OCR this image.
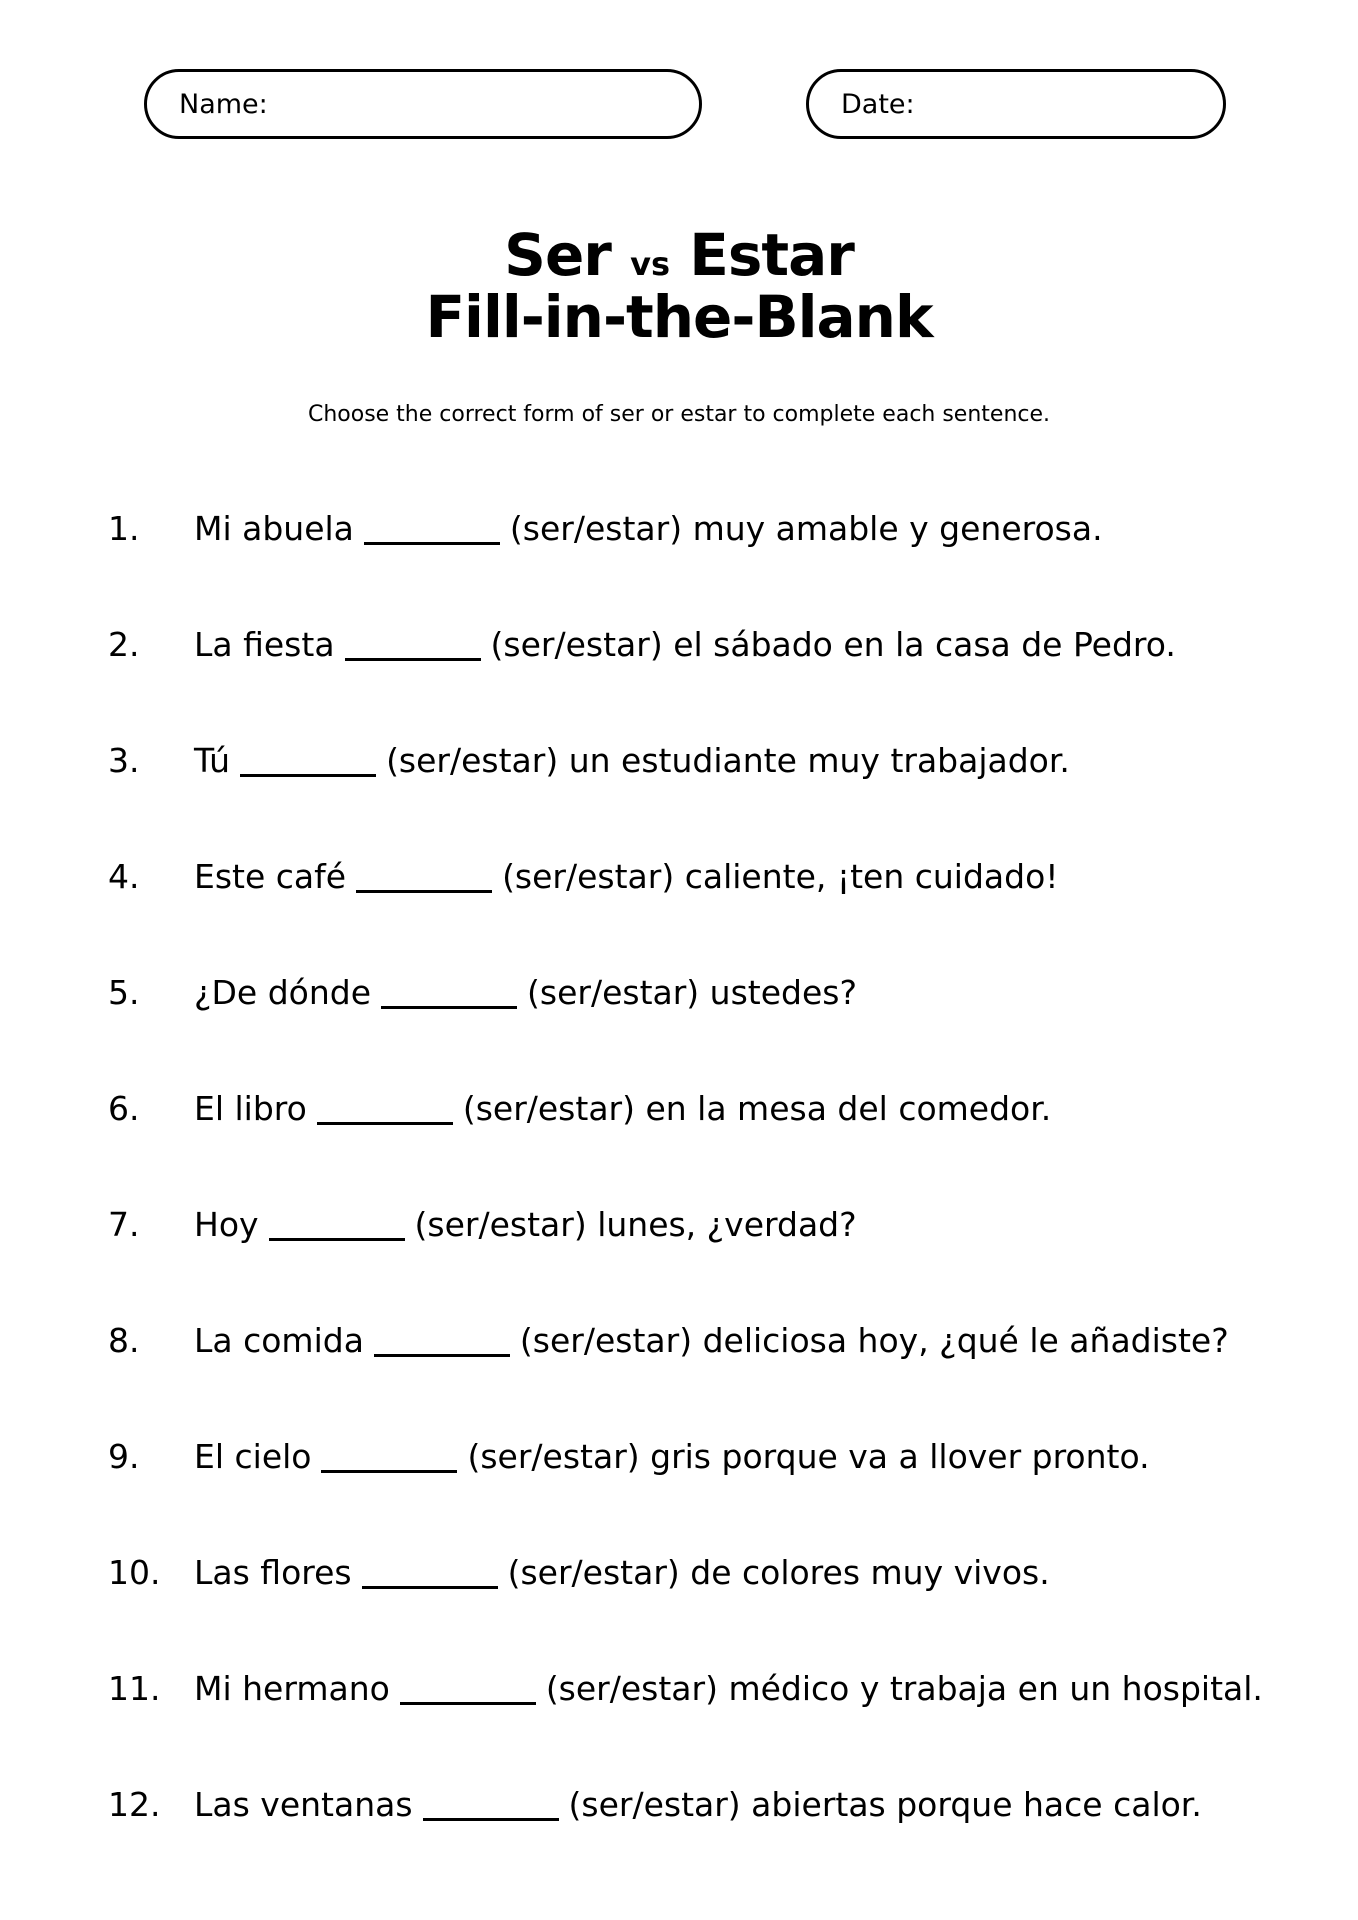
Name:	Date:
Ser vs Estar
Fill-in-the-Blank
Choose the correct form of ser or estar to complete each sentence.
1.	Mi abuela	(ser/estar) muy amable y generosa.
2.	La fiesta	(ser/estar) el sábado en la casa de Pedro.
3.	Tú	(ser/estar) un estudiante muy trabajador.
4.	Este café	(ser/estar) caliente, ¡ten cuidado!
5.	¿De dónde	(ser/estar) ustedes?
6.	El libro	(ser/estar) en la mesa del comedor.
7.	Hoy	(ser/estar) lunes, ¿verdad?
8.	La comida	(ser/estar) deliciosa hoy, ¿qué le añadiste?
9.	El cielo	(ser/estar) gris porque va a llover pronto.
10.	Las flores	(ser/estar) de colores muy vivos.
11.	Mi hermano	(ser/estar) médico y trabaja en un hospital.
12.	Las ventanas	(ser/estar) abiertas porque hace calor.
